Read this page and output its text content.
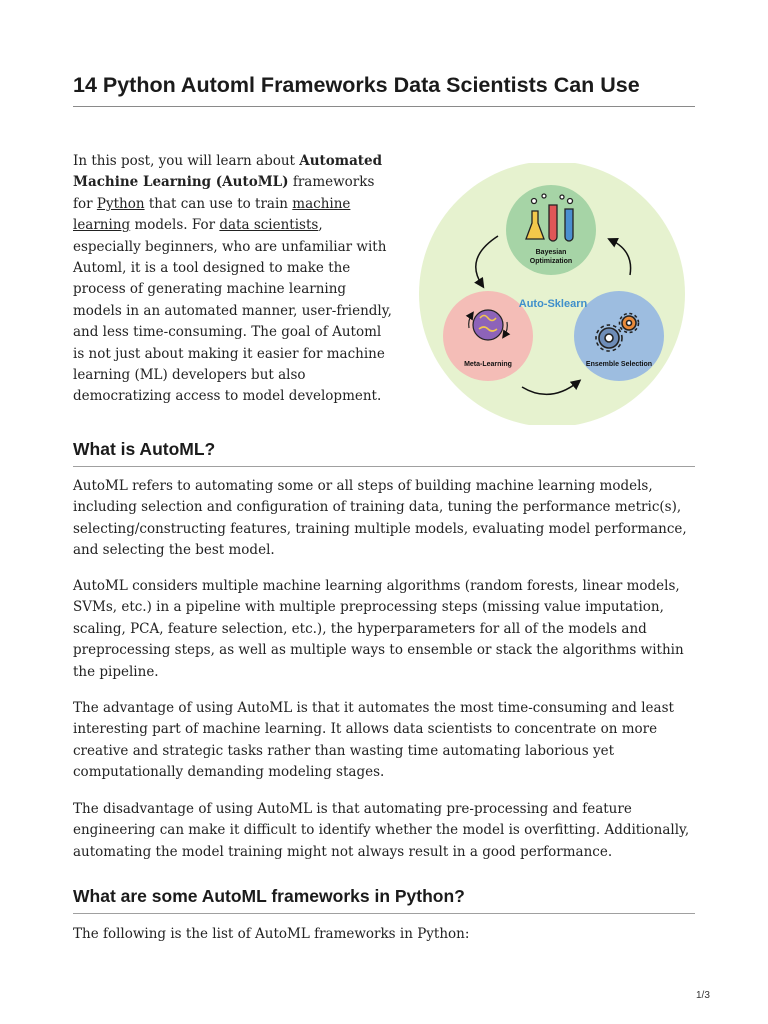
14 Python Automl Frameworks Data Scientists Can Use

In this post, you will learn about Automated Machine Learning (AutoML) frameworks for Python that can use to train machine learning models. For data scientists, especially beginners, who are unfamiliar with Automl, it is a tool designed to make the process of generating machine learning models in an automated manner, user-friendly, and less time-consuming. The goal of Automl is not just about making it easier for machine learning (ML) developers but also democratizing access to model development.

Bayesian
Optimization
Meta-Learning	Ensemble Selection
Auto-Sklearn
What is AutoML?

AutoML refers to automating some or all steps of building machine learning models, including selection and configuration of training data, tuning the performance metric(s), selecting/constructing features, training multiple models, evaluating model performance, and selecting the best model.

AutoML considers multiple machine learning algorithms (random forests, linear models, SVMs, etc.) in a pipeline with multiple preprocessing steps (missing value imputation, scaling, PCA, feature selection, etc.), the hyperparameters for all of the models and preprocessing steps, as well as multiple ways to ensemble or stack the algorithms within the pipeline.

The advantage of using AutoML is that it automates the most time-consuming and least interesting part of machine learning. It allows data scientists to concentrate on more creative and strategic tasks rather than wasting time automating laborious yet computationally demanding modeling stages.

The disadvantage of using AutoML is that automating pre-processing and feature engineering can make it difficult to identify whether the model is overfitting. Additionally, automating the model training might not always result in a good performance.

What are some AutoML frameworks in Python?

The following is the list of AutoML frameworks in Python:

1/3
